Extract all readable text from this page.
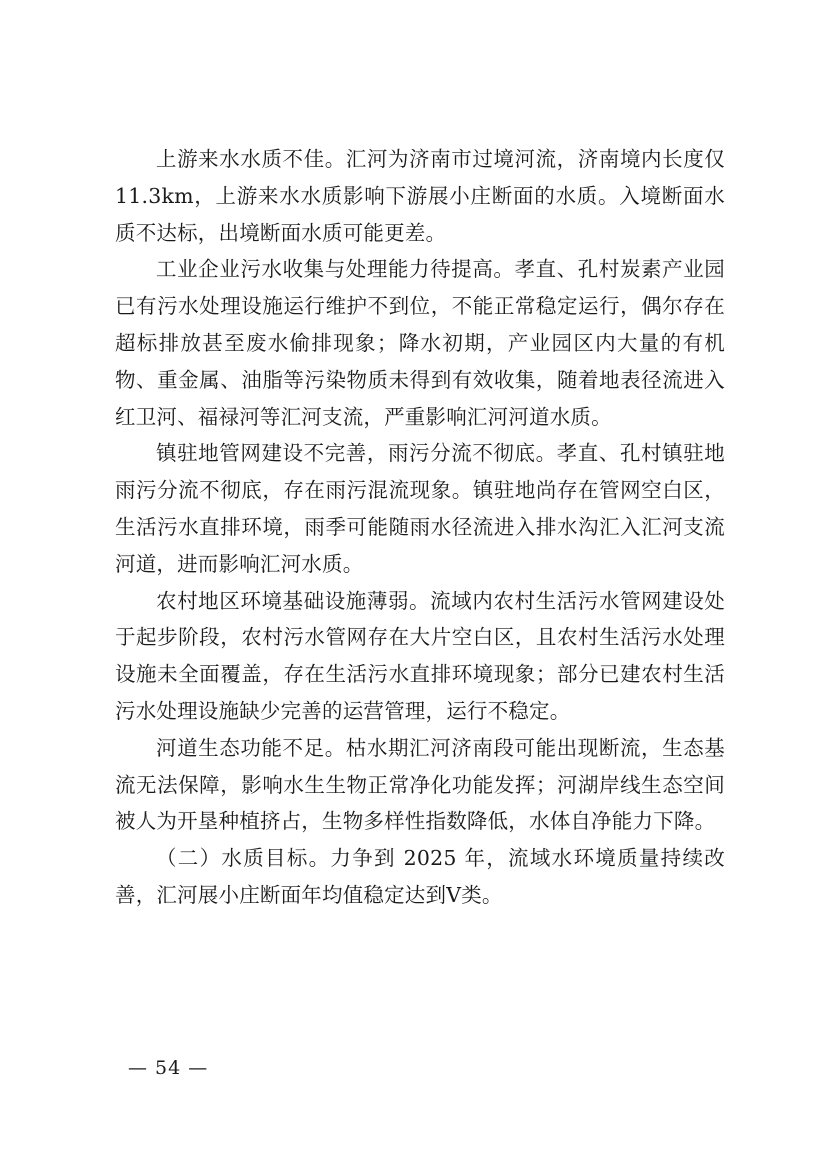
上游来水水质不佳。汇河为济南市过境河流，济南境内长度仅 11.3km，上游来水水质影响下游展小庄断面的水质。入境断面水质不达标，出境断面水质可能更差。

工业企业污水收集与处理能力待提高。孝直、孔村炭素产业园已有污水处理设施运行维护不到位，不能正常稳定运行，偶尔存在超标排放甚至废水偷排现象；降水初期，产业园区内大量的有机物、重金属、油脂等污染物质未得到有效收集，随着地表径流进入红卫河、福禄河等汇河支流，严重影响汇河河道水质。

镇驻地管网建设不完善，雨污分流不彻底。孝直、孔村镇驻地雨污分流不彻底，存在雨污混流现象。镇驻地尚存在管网空白区，生活污水直排环境，雨季可能随雨水径流进入排水沟汇入汇河支流河道，进而影响汇河水质。

农村地区环境基础设施薄弱。流域内农村生活污水管网建设处于起步阶段，农村污水管网存在大片空白区，且农村生活污水处理设施未全面覆盖，存在生活污水直排环境现象；部分已建农村生活污水处理设施缺少完善的运营管理，运行不稳定。

河道生态功能不足。枯水期汇河济南段可能出现断流，生态基流无法保障，影响水生生物正常净化功能发挥；河湖岸线生态空间被人为开垦种植挤占，生物多样性指数降低，水体自净能力下降。

（二）水质目标。力争到 2025 年，流域水环境质量持续改善，汇河展小庄断面年均值稳定达到Ⅴ类。

— 54 —
